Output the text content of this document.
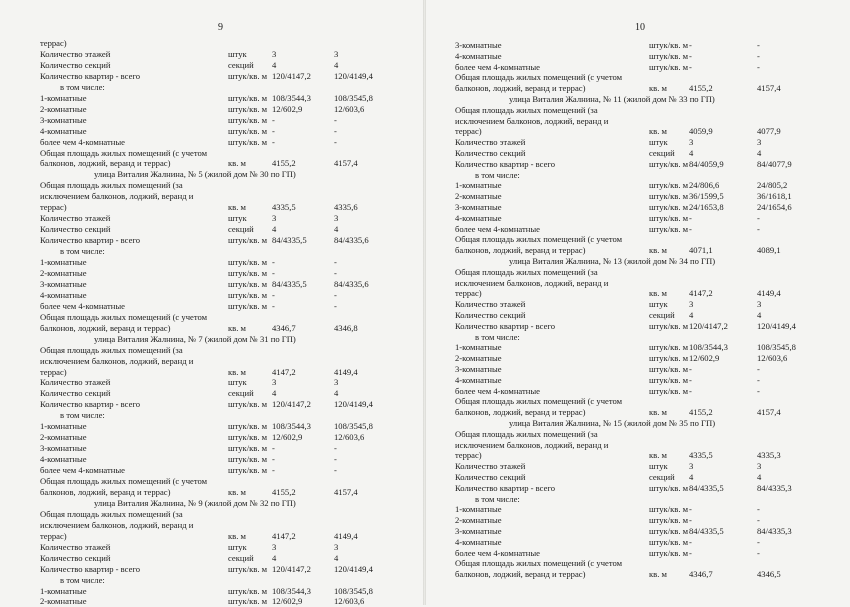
9
террас)
Количество этажей	штук	3	3
Количество секций	секций 4	4
Количество квартир - всего	штук/кв. м 120/4147,2	120/4149,4
в том числе:
1-комнатные	штук/кв. м 108/3544,3	108/3545,8
2-комнатные	штук/кв. м 12/602,9	12/603,6
3-комнатные	штук/кв. м -	-
4-комнатные	штук/кв. м -	-
более чем 4-комнатные	штук/кв. м -	-
Общая площадь жилых помещений (с учетом
балконов, лоджий, веранд и террас)	кв. м	4155,2	4157,4
улица Виталия Жалнина, № 5 (жилой дом № 30 по ГП)
Общая площадь жилых помещений (за
исключением балконов, лоджий, веранд и
террас)	кв. м	4335,5	4335,6
Количество этажей	штук	3	3
Количество секций	секций 4	4
Количество квартир - всего	штук/кв. м 84/4335,5	84/4335,6
в том числе:
1-комнатные	штук/кв. м -	-
2-комнатные	штук/кв. м -	-
3-комнатные	штук/кв. м 84/4335,5	84/4335,6
4-комнатные	штук/кв. м -	-
более чем 4-комнатные	штук/кв. м -	-
Общая площадь жилых помещений (с учетом
балконов, лоджий, веранд и террас)	кв. м	4346,7	4346,8
улица Виталия Жалнина, № 7 (жилой дом № 31 по ГП)
Общая площадь жилых помещений (за
исключением балконов, лоджий, веранд и
террас)	кв. м	4147,2	4149,4
Количество этажей	штук	3	3
Количество секций	секций 4	4
Количество квартир - всего	штук/кв. м 120/4147,2	120/4149,4
в том числе:
1-комнатные	штук/кв. м 108/3544,3	108/3545,8
2-комнатные	штук/кв. м 12/602,9	12/603,6
3-комнатные	штук/кв. м -	-
4-комнатные	штук/кв. м -	-
более чем 4-комнатные	штук/кв. м -	-
Общая площадь жилых помещений (с учетом
балконов, лоджий, веранд и террас)	кв. м	4155,2	4157,4
улица Виталия Жалнина, № 9 (жилой дом № 32 по ГП)
Общая площадь жилых помещений (за
исключением балконов, лоджий, веранд и
террас)	кв. м	4147,2	4149,4
Количество этажей	штук	3	3
Количество секций	секций 4	4
Количество квартир - всего	штук/кв. м 120/4147,2	120/4149,4
в том числе:
1-комнатные	штук/кв. м 108/3544,3	108/3545,8
2-комнатные	штук/кв. м 12/602,9	12/603,6
10
3-комнатные	штук/кв. м -	-
4-комнатные	штук/кв. м -	-
более чем 4-комнатные	штук/кв. м -	-
Общая площадь жилых помещений (с учетом
балконов, лоджий, веранд и террас)	кв. м	4155,2	4157,4
улица Виталия Жалнина, № 11 (жилой дом № 33 по ГП)
Общая площадь жилых помещений (за
исключением балконов, лоджий, веранд и
террас)	кв. м	4059,9	4077,9
Количество этажей	штук 3	3
Количество секций	секций 4	4
Количество квартир - всего	штук/кв. м 84/4059,9	84/4077,9
в том числе:
1-комнатные	штук/кв. м 24/806,6	24/805,2
2-комнатные	штук/кв. м 36/1599,5	36/1618,1
3-комнатные	штук/кв. м 24/1653,8	24/1654,6
4-комнатные	штук/кв. м -	-
более чем 4-комнатные	штук/кв. м -	-
Общая площадь жилых помещений (с учетом
балконов, лоджий, веранд и террас)	кв. м	4071,1	4089,1
улица Виталия Жалнина, № 13 (жилой дом № 34 по ГП)
Общая площадь жилых помещений (за
исключением балконов, лоджий, веранд и
террас)	кв. м	4147,2	4149,4
Количество этажей	штук 3	3
Количество секций	секций 4	4
Количество квартир - всего	штук/кв. м 120/4147,2	120/4149,4
в том числе:
1-комнатные	штук/кв. м 108/3544,3	108/3545,8
2-комнатные	штук/кв. м 12/602,9	12/603,6
3-комнатные	штук/кв. м -	-
4-комнатные	штук/кв. м -	-
более чем 4-комнатные	штук/кв. м -	-
Общая площадь жилых помещений (с учетом
балконов, лоджий, веранд и террас)	кв. м	4155,2	4157,4
улица Виталия Жалнина, № 15 (жилой дом № 35 по ГП)
Общая площадь жилых помещений (за
исключением балконов, лоджий, веранд и
террас)	кв. м	4335,5	4335,3
Количество этажей	штук 3	3
Количество секций	секций 4	4
Количество квартир - всего	штук/кв. м 84/4335,5	84/4335,3
в том числе:
1-комнатные	штук/кв. м -	-
2-комнатные	штук/кв. м -	-
3-комнатные	штук/кв. м 84/4335,5	84/4335,3
4-комнатные	штук/кв. м -	-
более чем 4-комнатные	штук/кв. м -	-
Общая площадь жилых помещений (с учетом
балконов, лоджий, веранд и террас)	кв. м	4346,7	4346,5
